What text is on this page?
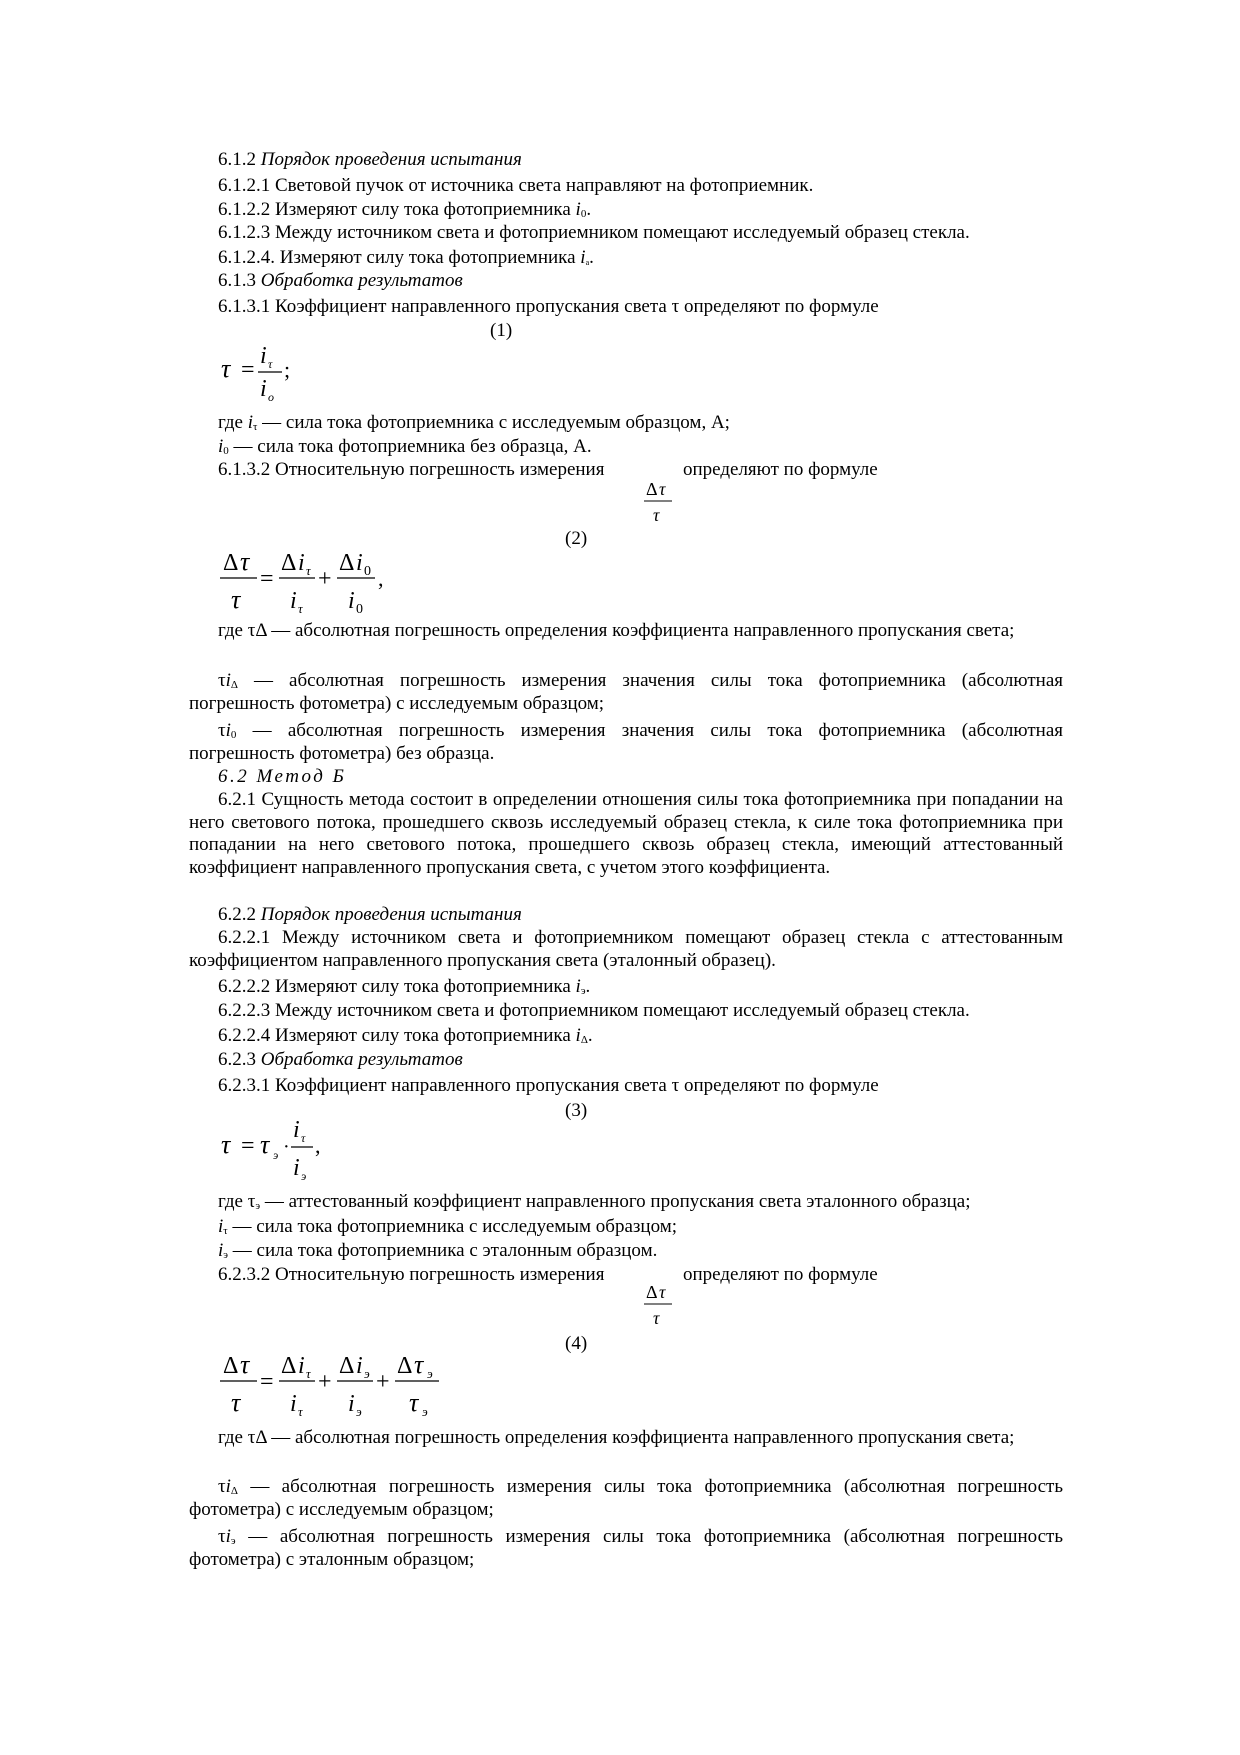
6.1.2 Порядок проведения испытания
6.1.2.1 Световой пучок от источника света направляют на фотоприемник.
6.1.2.2 Измеряют силу тока фотоприемника $i_0$.
6.1.2.3 Между источником света и фотоприемником помещают исследуемый образец стекла.
6.1.2.4. Измеряют силу тока фотоприемника $i_a$.
6.1.3 Обработка результатов
6.1.3.1 Коэффициент направленного пропускания света τ определяют по формуле
(1)
τ =
i τ
i o
;
где $i_\tau$ — сила тока фотоприемника с исследуемым образцом, А;
$i_0$ — сила тока фотоприемника без образца, А.
6.1.3.2 Относительную погрешность измерения	определяют по формуле
Δ τ
τ
(2)
Δ τ
τ
=
Δ i τ
i τ
+
Δ i 0
i 0
,
где τΔ — абсолютная погрешность определения коэффициента направленного пропускания света;
$\tau i_\Delta$ — абсолютная погрешность измерения значения силы тока фотоприемника (абсолютная погрешность фотометра) с исследуемым образцом;
$\tau i_0$ — абсолютная погрешность измерения значения силы тока фотоприемника (абсолютная погрешность фотометра) без образца.
6.2 Метод Б
6.2.1 Сущность метода состоит в определении отношения силы тока фотоприемника при попадании на него светового потока, прошедшего сквозь исследуемый образец стекла, к силе тока фотоприемника при попадании на него светового потока, прошедшего сквозь образец стекла, имеющий аттестованный коэффициент направленного пропускания света, с учетом этого коэффициента.
6.2.2 Порядок проведения испытания
6.2.2.1 Между источником света и фотоприемником помещают образец стекла с аттестованным коэффициентом направленного пропускания света (эталонный образец).
6.2.2.2 Измеряют силу тока фотоприемника $i_э$.
6.2.2.3 Между источником света и фотоприемником помещают исследуемый образец стекла.
6.2.2.4 Измеряют силу тока фотоприемника $i_\Delta$.
6.2.3 Обработка результатов
6.2.3.1 Коэффициент направленного пропускания света τ определяют по формуле
(3)
τ = τ э ·
i τ
i э
,
где $\tau_э$ — аттестованный коэффициент направленного пропускания света эталонного образца;
$i_\tau$ — сила тока фотоприемника с исследуемым образцом;
$i_э$ — сила тока фотоприемника с эталонным образцом.
6.2.3.2 Относительную погрешность измерения	определяют по формуле
Δ τ
τ
(4)
Δ τ
τ
=
Δ i τ
i τ
+
Δ i э
i э
+
Δ τ э
τ э
где τΔ — абсолютная погрешность определения коэффициента направленного пропускания света;
$\tau i_\Delta$ — абсолютная погрешность измерения силы тока фотоприемника (абсолютная погрешность фотометра) с исследуемым образцом;
$\tau i_э$ — абсолютная погрешность измерения силы тока фотоприемника (абсолютная погрешность фотометра) с эталонным образцом;
